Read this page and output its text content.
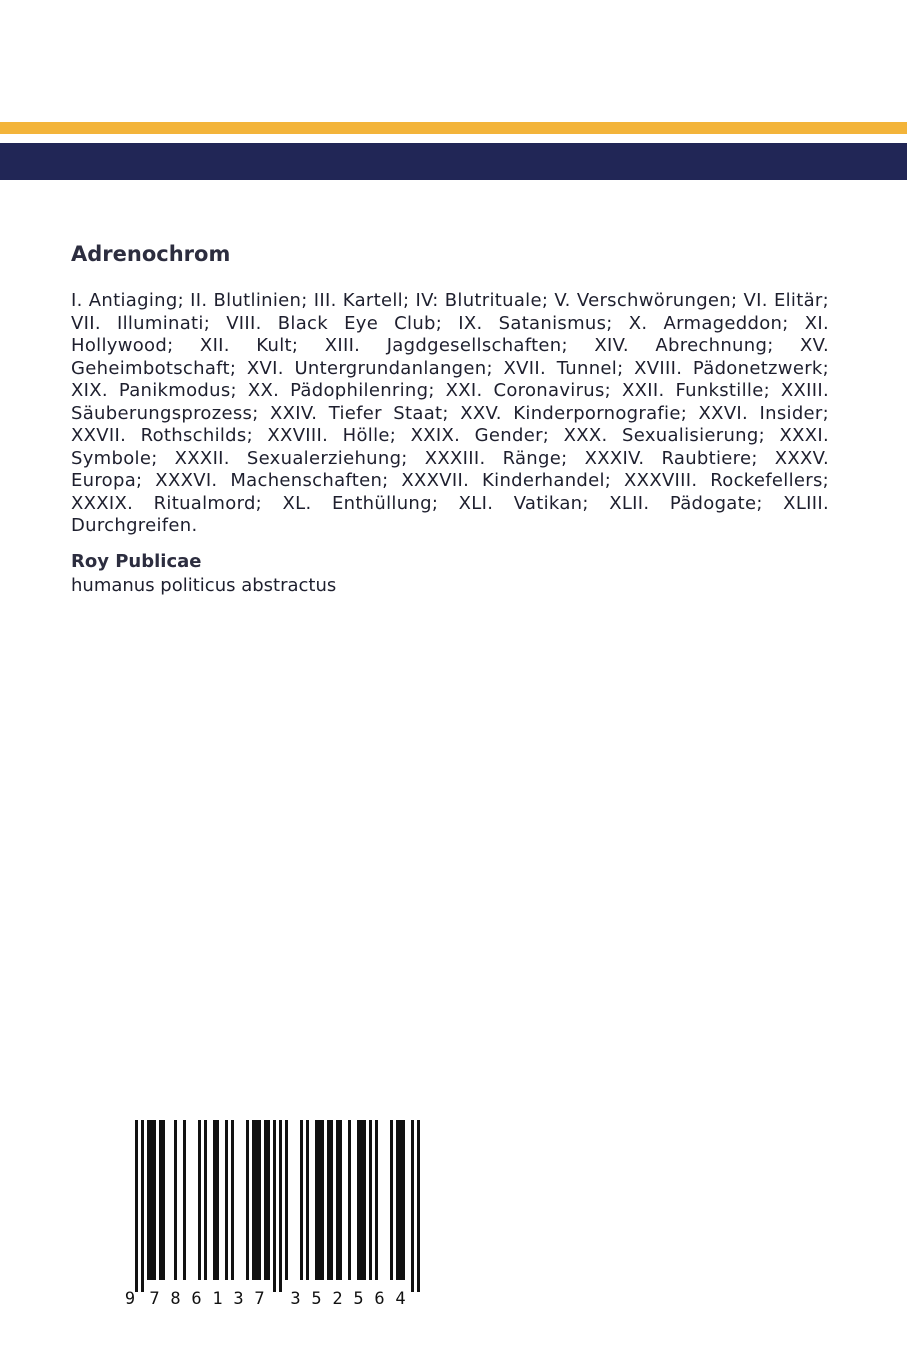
Adrenochrom

I. Antiaging; II. Blutlinien; III. Kartell; IV: Blutrituale; V. Verschwörungen; VI. Elitär; VII. Illuminati; VIII. Black Eye Club; IX. Satanismus; X. Armageddon; XI. Hollywood; XII. Kult; XIII. Jagdgesellschaften; XIV. Abrechnung; XV. Geheimbotschaft; XVI. Untergrundanlangen; XVII. Tunnel; XVIII. Pädonetzwerk; XIX. Panikmodus; XX. Pädophilenring; XXI. Coronavirus; XXII. Funkstille; XXIII. Säuberungsprozess; XXIV. Tiefer Staat; XXV. Kinderpornografie; XXVI. Insider; XXVII. Rothschilds; XXVIII. Hölle; XXIX. Gender; XXX. Sexualisierung; XXXI. Symbole; XXXII. Sexualerziehung; XXXIII. Ränge; XXXIV. Raubtiere; XXXV. Europa; XXXVI. Machenschaften; XXXVII. Kinderhandel; XXXVIII. Rockefellers; XXXIX. Ritualmord; XL. Enthüllung; XLI. Vatikan; XLII. Pädogate; XLIII. Durchgreifen.

Roy Publicae

humanus politicus abstractus

9 7 8 6 1 3 7 3 5 2 5 6 4
